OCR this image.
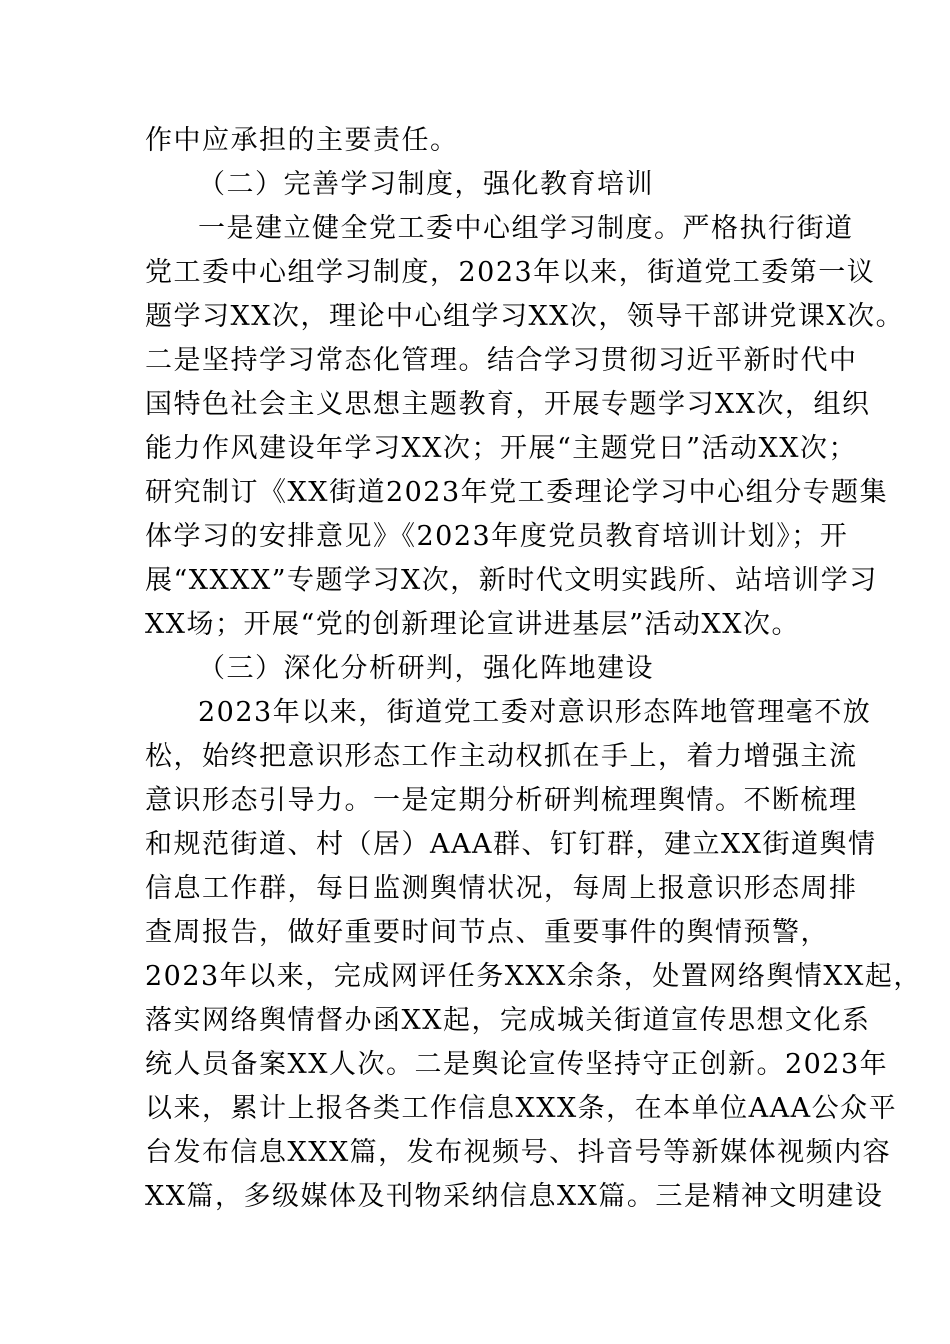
作中应承担的主要责任。
（二）完善学习制度，强化教育培训
一是建立健全党工委中心组学习制度。严格执行街道
党工委中心组学习制度，2023年以来，街道党工委第一议
题学习XX次，理论中心组学习XX次，领导干部讲党课X次。
二是坚持学习常态化管理。结合学习贯彻习近平新时代中
国特色社会主义思想主题教育，开展专题学习XX次，组织
能力作风建设年学习XX次；开展“主题党日”活动XX次；
研究制订《XX街道2023年党工委理论学习中心组分专题集
体学习的安排意见》《2023年度党员教育培训计划》；开
展“XXXX”专题学习X次，新时代文明实践所、站培训学习
XX场；开展“党的创新理论宣讲进基层”活动XX次。
（三）深化分析研判，强化阵地建设
2023年以来，街道党工委对意识形态阵地管理毫不放
松，始终把意识形态工作主动权抓在手上，着力增强主流
意识形态引导力。一是定期分析研判梳理舆情。不断梳理
和规范街道、村（居）AAA群、钉钉群，建立XX街道舆情
信息工作群，每日监测舆情状况，每周上报意识形态周排
查周报告，做好重要时间节点、重要事件的舆情预警，
2023年以来，完成网评任务XXX余条，处置网络舆情XX起，
落实网络舆情督办函XX起，完成城关街道宣传思想文化系
统人员备案XX人次。二是舆论宣传坚持守正创新。2023年
以来，累计上报各类工作信息XXX条，在本单位AAA公众平
台发布信息XXX篇，发布视频号、抖音号等新媒体视频内容
XX篇，多级媒体及刊物采纳信息XX篇。三是精神文明建设
